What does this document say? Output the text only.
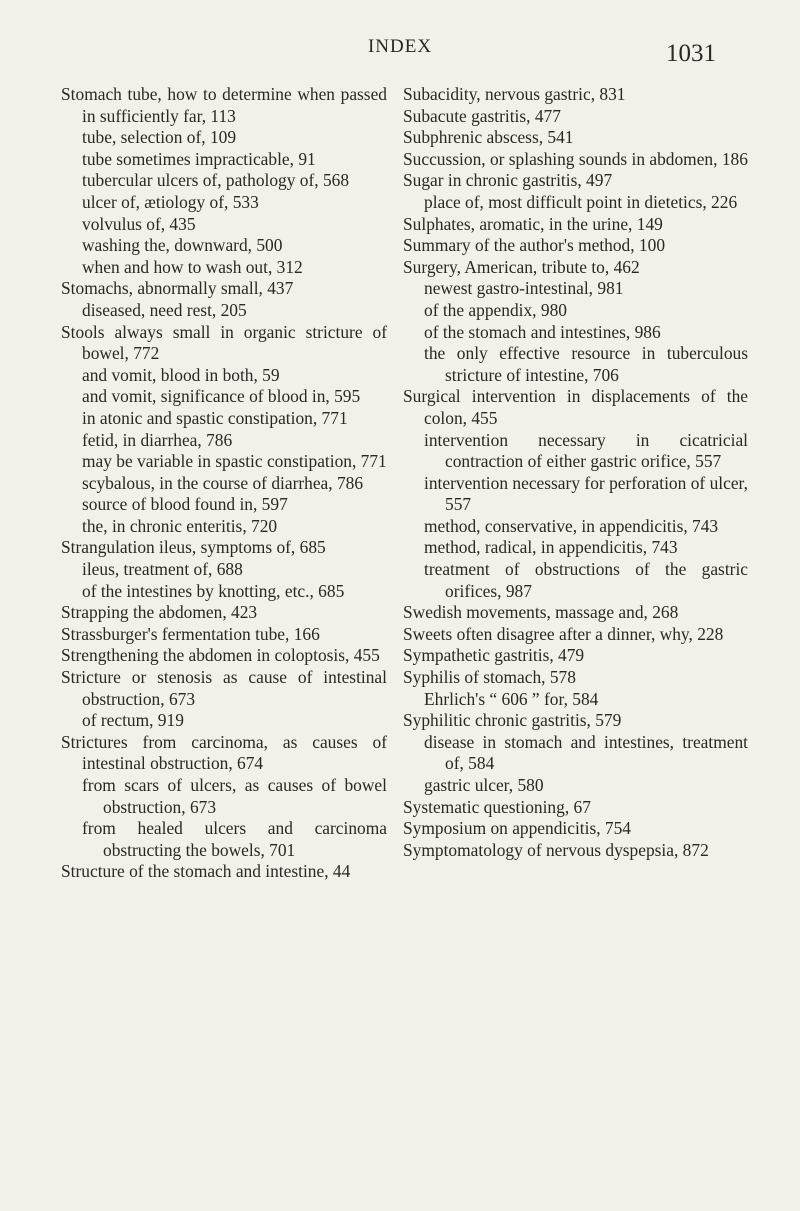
INDEX	1031
Stomach tube, how to determine when passed in sufficiently far, 113
tube, selection of, 109
tube sometimes impracticable, 91
tubercular ulcers of, pathology of, 568
ulcer of, ætiology of, 533
volvulus of, 435
washing the, downward, 500
when and how to wash out, 312
Stomachs, abnormally small, 437
diseased, need rest, 205
Stools always small in organic stricture of bowel, 772
and vomit, blood in both, 59
and vomit, significance of blood in, 595
in atonic and spastic constipation, 771
fetid, in diarrhea, 786
may be variable in spastic constipation, 771
scybalous, in the course of diarrhea, 786
source of blood found in, 597
the, in chronic enteritis, 720
Strangulation ileus, symptoms of, 685
ileus, treatment of, 688
of the intestines by knotting, etc., 685
Strapping the abdomen, 423
Strassburger's fermentation tube, 166
Strengthening the abdomen in coloptosis, 455
Stricture or stenosis as cause of intestinal obstruction, 673
of rectum, 919
Strictures from carcinoma, as causes of intestinal obstruction, 674
from scars of ulcers, as causes of bowel obstruction, 673
from healed ulcers and carcinoma obstructing the bowels, 701
Structure of the stomach and intestine, 44
Subacidity, nervous gastric, 831
Subacute gastritis, 477
Subphrenic abscess, 541
Succussion, or splashing sounds in abdomen, 186
Sugar in chronic gastritis, 497
place of, most difficult point in dietetics, 226
Sulphates, aromatic, in the urine, 149
Summary of the author's method, 100
Surgery, American, tribute to, 462
newest gastro-intestinal, 981
of the appendix, 980
of the stomach and intestines, 986
the only effective resource in tuberculous stricture of intestine, 706
Surgical intervention in displacements of the colon, 455
intervention necessary in cicatricial contraction of either gastric orifice, 557
intervention necessary for perforation of ulcer, 557
method, conservative, in appendicitis, 743
method, radical, in appendicitis, 743
treatment of obstructions of the gastric orifices, 987
Swedish movements, massage and, 268
Sweets often disagree after a dinner, why, 228
Sympathetic gastritis, 479
Syphilis of stomach, 578
Ehrlich's “ 606 ” for, 584
Syphilitic chronic gastritis, 579
disease in stomach and intestines, treatment of, 584
gastric ulcer, 580
Systematic questioning, 67
Symposium on appendicitis, 754
Symptomatology of nervous dyspepsia, 872
